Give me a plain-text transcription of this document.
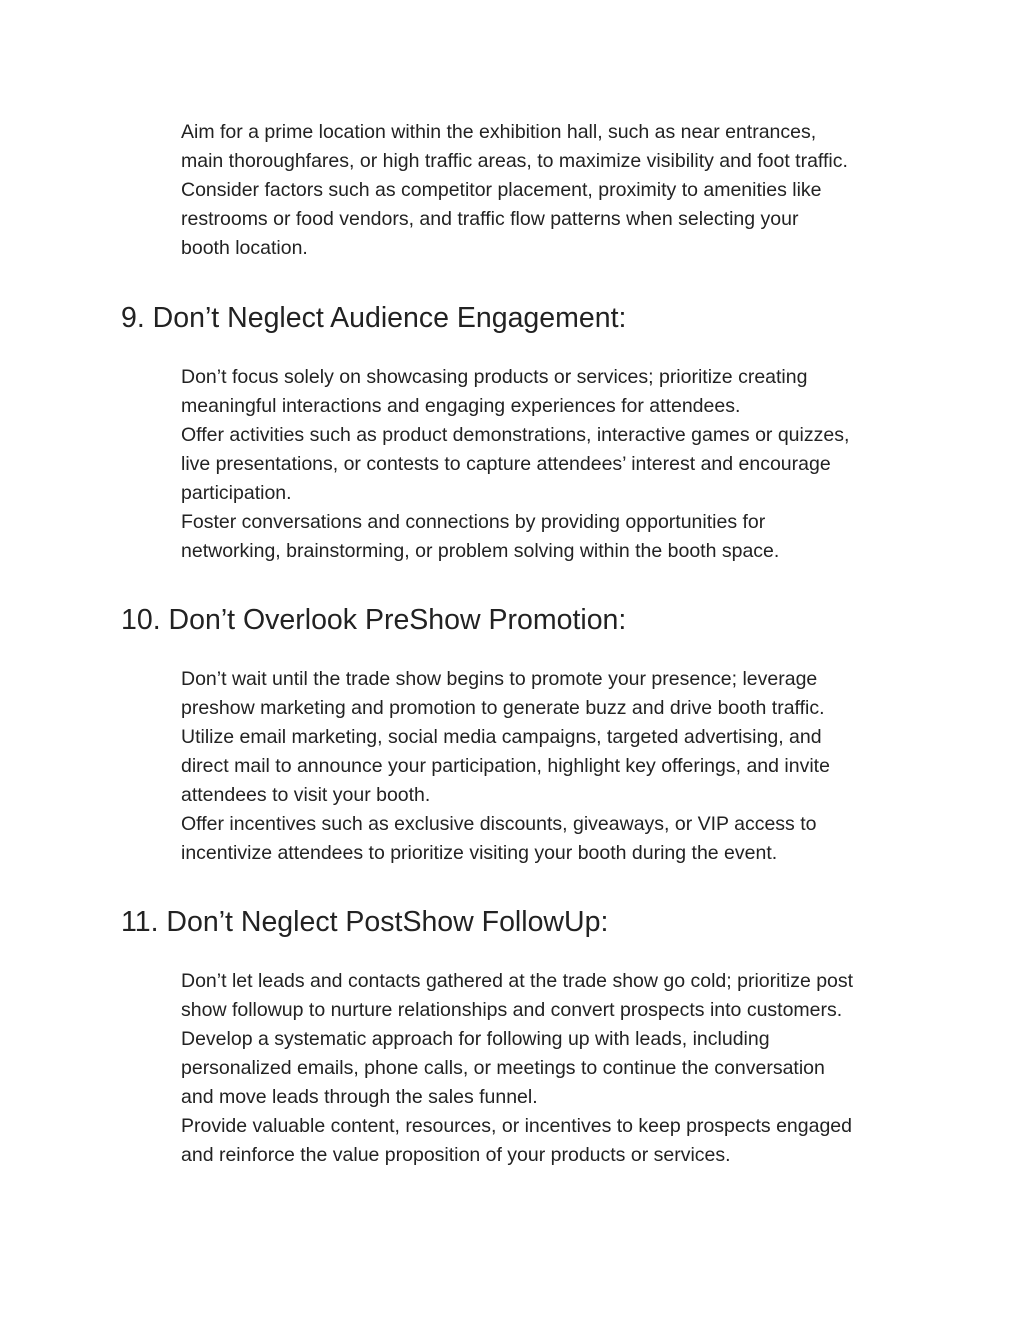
Aim for a prime location within the exhibition hall, such as near entrances,
main thoroughfares, or high traffic areas, to maximize visibility and foot traffic.
Consider factors such as competitor placement, proximity to amenities like
restrooms or food vendors, and traffic flow patterns when selecting your
booth location.

9. Don’t Neglect Audience Engagement:

Don’t focus solely on showcasing products or services; prioritize creating
meaningful interactions and engaging experiences for attendees.
Offer activities such as product demonstrations, interactive games or quizzes,
live presentations, or contests to capture attendees’ interest and encourage
participation.
Foster conversations and connections by providing opportunities for
networking, brainstorming, or problem solving within the booth space.

10. Don’t Overlook PreShow Promotion:

Don’t wait until the trade show begins to promote your presence; leverage
preshow marketing and promotion to generate buzz and drive booth traffic.
Utilize email marketing, social media campaigns, targeted advertising, and
direct mail to announce your participation, highlight key offerings, and invite
attendees to visit your booth.
Offer incentives such as exclusive discounts, giveaways, or VIP access to
incentivize attendees to prioritize visiting your booth during the event.

11. Don’t Neglect PostShow FollowUp:

Don’t let leads and contacts gathered at the trade show go cold; prioritize post
show followup to nurture relationships and convert prospects into customers.
Develop a systematic approach for following up with leads, including
personalized emails, phone calls, or meetings to continue the conversation
and move leads through the sales funnel.
Provide valuable content, resources, or incentives to keep prospects engaged
and reinforce the value proposition of your products or services.
